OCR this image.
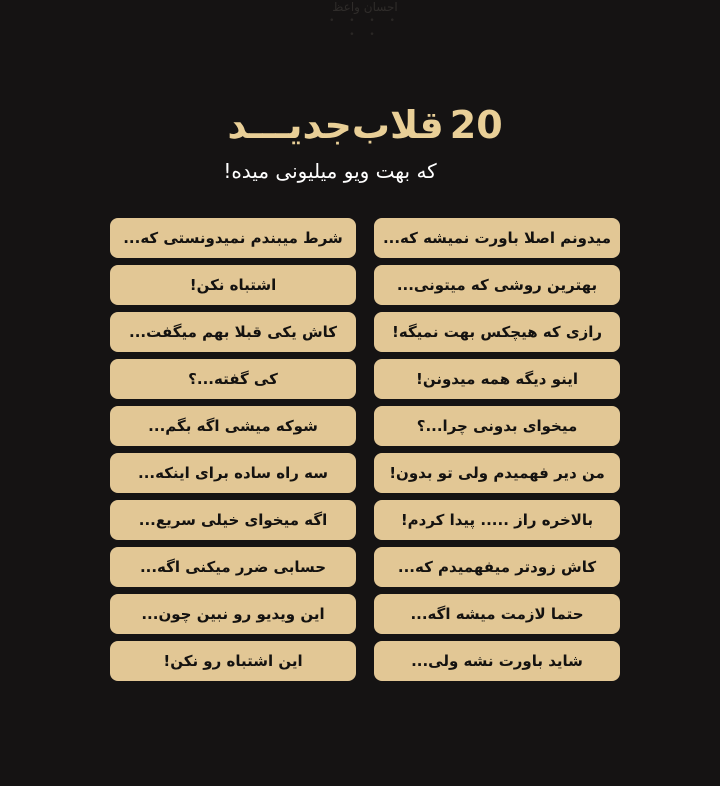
احسان واعظ
• • • • • •
20
قلاب‌جدیـــد
که بهت ویو میلیونی میده!
میدونم اصلا باورت نمیشه که...
بهترین روشی که میتونی...
رازی که هیچکس بهت نمیگه!
اینو دیگه همه میدونن!
میخوای بدونی چرا...؟
من دیر فهمیدم ولی تو بدون!
بالاخره راز ..... پیدا کردم!
کاش زودتر میفهمیدم که...
حتما لازمت میشه اگه...
شاید باورت نشه ولی...
شرط میبندم نمیدونستی که...
اشتباه نکن!
کاش یکی قبلا بهم میگفت...
کی گفته...؟
شوکه میشی اگه بگم...
سه راه ساده برای اینکه...
اگه میخوای خیلی سریع...
حسابی ضرر میکنی اگه...
این ویدیو رو نبین چون...
این اشتباه رو نکن!
